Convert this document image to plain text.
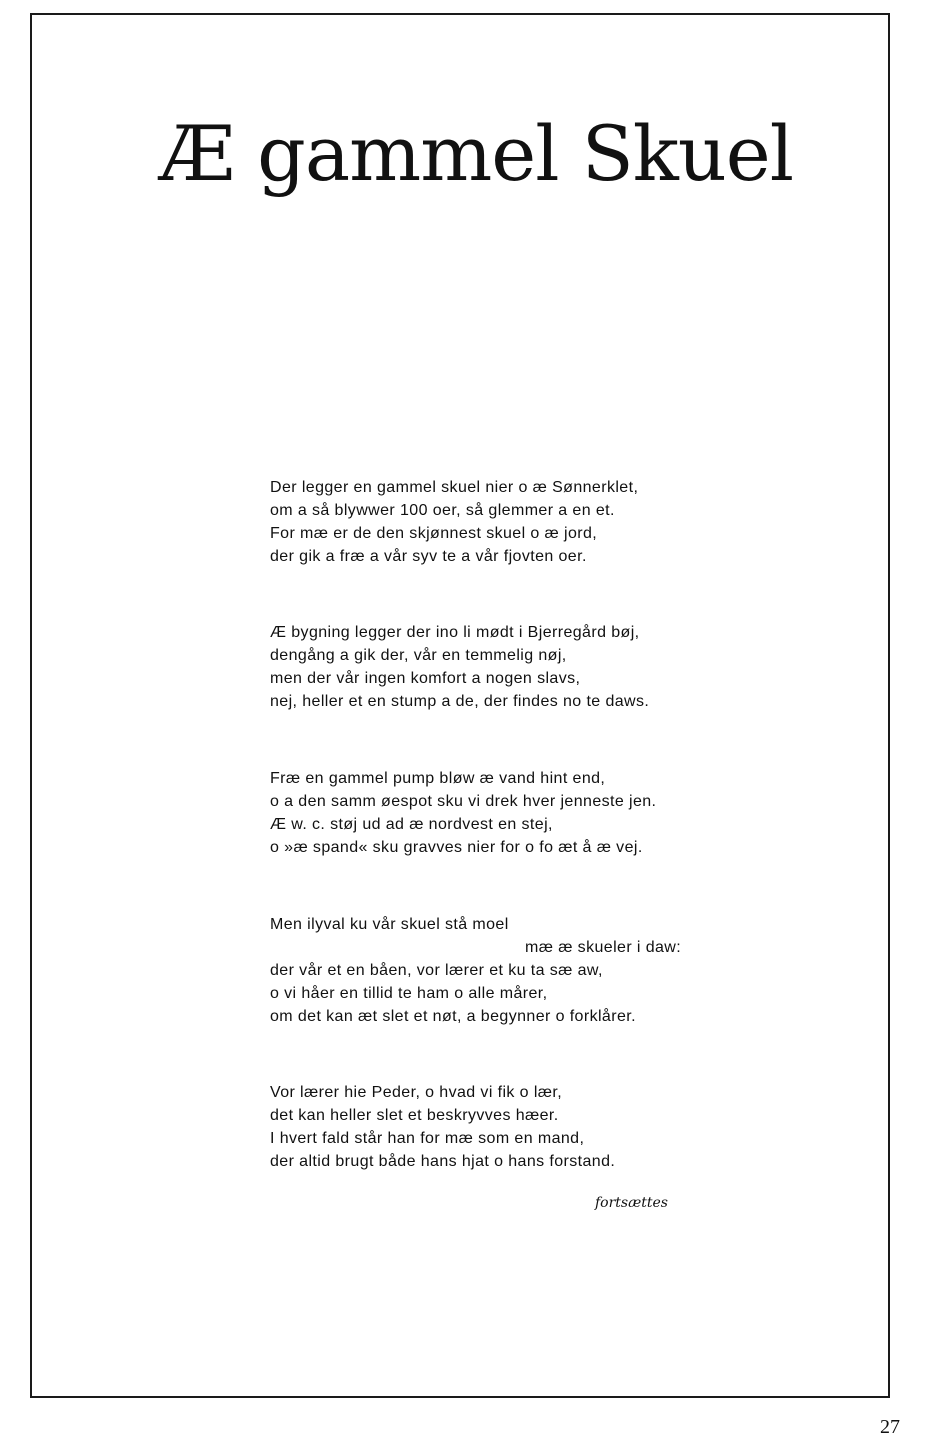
Æ gammel Skuel
Der legger en gammel skuel nier o æ Sønnerklet,
om a så blywwer 100 oer, så glemmer a en et.
For mæ er de den skjønnest skuel o æ jord,
der gik a fræ a vår syv te a vår fjovten oer.
Æ bygning legger der ino li mødt i Bjerregård bøj,
dengång a gik der, vår en temmelig nøj,
men der vår ingen komfort a nogen slavs,
nej, heller et en stump a de, der findes no te daws.
Fræ en gammel pump bløw æ vand hint end,
o a den samm øespot sku vi drek hver jenneste jen.
Æ w. c. støj ud ad æ nordvest en stej,
o »æ spand« sku gravves nier for o fo æt å æ vej.
Men ilyval ku vår skuel stå moel
mæ æ skueler i daw:
der vår et en båen, vor lærer et ku ta sæ aw,
o vi håer en tillid te ham o alle mårer,
om det kan æt slet et nøt, a begynner o forklårer.
Vor lærer hie Peder, o hvad vi fik o lær,
det kan heller slet et beskryvves hæer.
I hvert fald står han for mæ som en mand,
der altid brugt både hans hjat o hans forstand.
fortsættes
27
